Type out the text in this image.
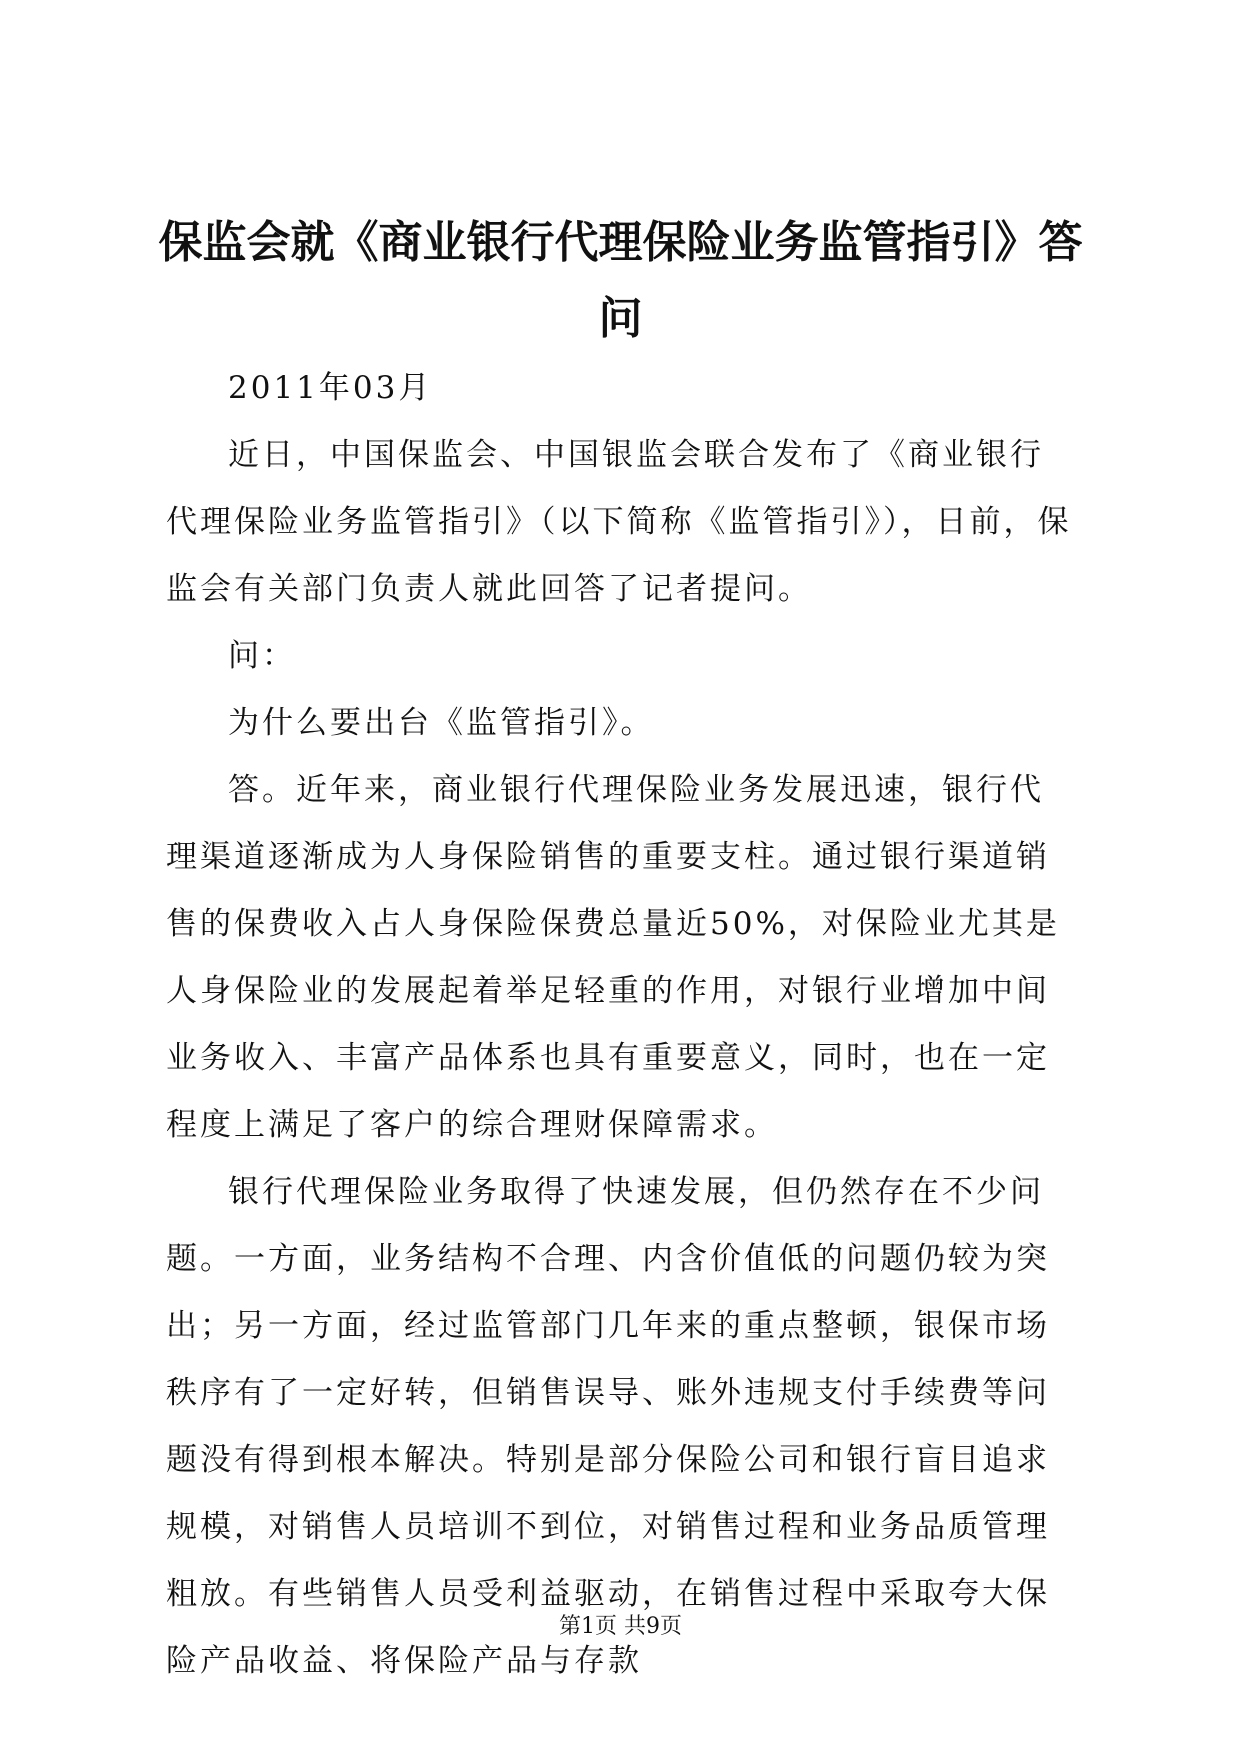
保监会就《商业银行代理保险业务监管指引》答问

2011年03月

近日，中国保监会、中国银监会联合发布了《商业银行代理保险业务监管指引》（以下简称《监管指引》），日前，保监会有关部门负责人就此回答了记者提问。

问：

为什么要出台《监管指引》。

答。近年来，商业银行代理保险业务发展迅速，银行代理渠道逐渐成为人身保险销售的重要支柱。通过银行渠道销售的保费收入占人身保险保费总量近50%，对保险业尤其是人身保险业的发展起着举足轻重的作用，对银行业增加中间业务收入、丰富产品体系也具有重要意义，同时，也在一定程度上满足了客户的综合理财保障需求。

银行代理保险业务取得了快速发展，但仍然存在不少问题。一方面，业务结构不合理、内含价值低的问题仍较为突出；另一方面，经过监管部门几年来的重点整顿，银保市场秩序有了一定好转，但销售误导、账外违规支付手续费等问题没有得到根本解决。特别是部分保险公司和银行盲目追求规模，对销售人员培训不到位，对销售过程和业务品质管理粗放。有些销售人员受利益驱动，在销售过程中采取夸大保险产品收益、将保险产品与存款

第1页 共9页
